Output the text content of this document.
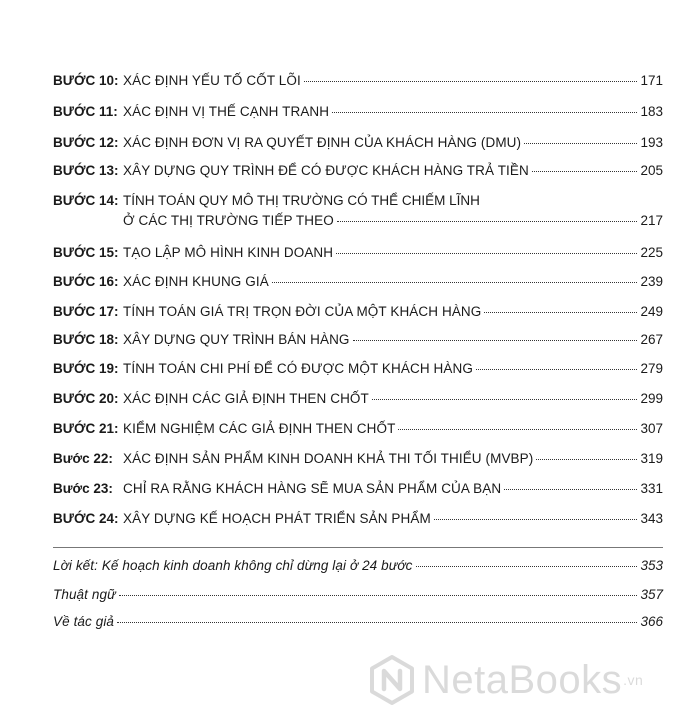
BƯỚC 10: XÁC ĐỊNH YẾU TỐ CỐT LÕI	171
BƯỚC 11: XÁC ĐỊNH VỊ THẾ CẠNH TRANH	183
BƯỚC 12: XÁC ĐỊNH ĐƠN VỊ RA QUYẾT ĐỊNH CỦA KHÁCH HÀNG (DMU)	193
BƯỚC 13: XÂY DỰNG QUY TRÌNH ĐỂ CÓ ĐƯỢC KHÁCH HÀNG TRẢ TIỀN	205
BƯỚC 14: TÍNH TOÁN QUY MÔ THỊ TRƯỜNG CÓ THỂ CHIẾM LĨNH
Ở CÁC THỊ TRƯỜNG TIẾP THEO	217
BƯỚC 15: TẠO LẬP MÔ HÌNH KINH DOANH	225
BƯỚC 16: XÁC ĐỊNH KHUNG GIÁ	239
BƯỚC 17: TÍNH TOÁN GIÁ TRỊ TRỌN ĐỜI CỦA MỘT KHÁCH HÀNG	249
BƯỚC 18: XÂY DỰNG QUY TRÌNH BÁN HÀNG	267
BƯỚC 19: TÍNH TOÁN CHI PHÍ ĐỂ CÓ ĐƯỢC MỘT KHÁCH HÀNG	279
BƯỚC 20: XÁC ĐỊNH CÁC GIẢ ĐỊNH THEN CHỐT	299
BƯỚC 21: KIỂM NGHIỆM CÁC GIẢ ĐỊNH THEN CHỐT	307
Bước 22: XÁC ĐỊNH SẢN PHẨM KINH DOANH KHẢ THI TỐI THIỂU (MVBP)	319
Bước 23: CHỈ RA RẰNG KHÁCH HÀNG SẼ MUA SẢN PHẨM CỦA BẠN	331
BƯỚC 24: XÂY DỰNG KẾ HOẠCH PHÁT TRIỂN SẢN PHẨM	343
Lời kết: Kế hoạch kinh doanh không chỉ dừng lại ở 24 bước	353
Thuật ngữ	357
Về tác giả	366
NetaBooks .vn
